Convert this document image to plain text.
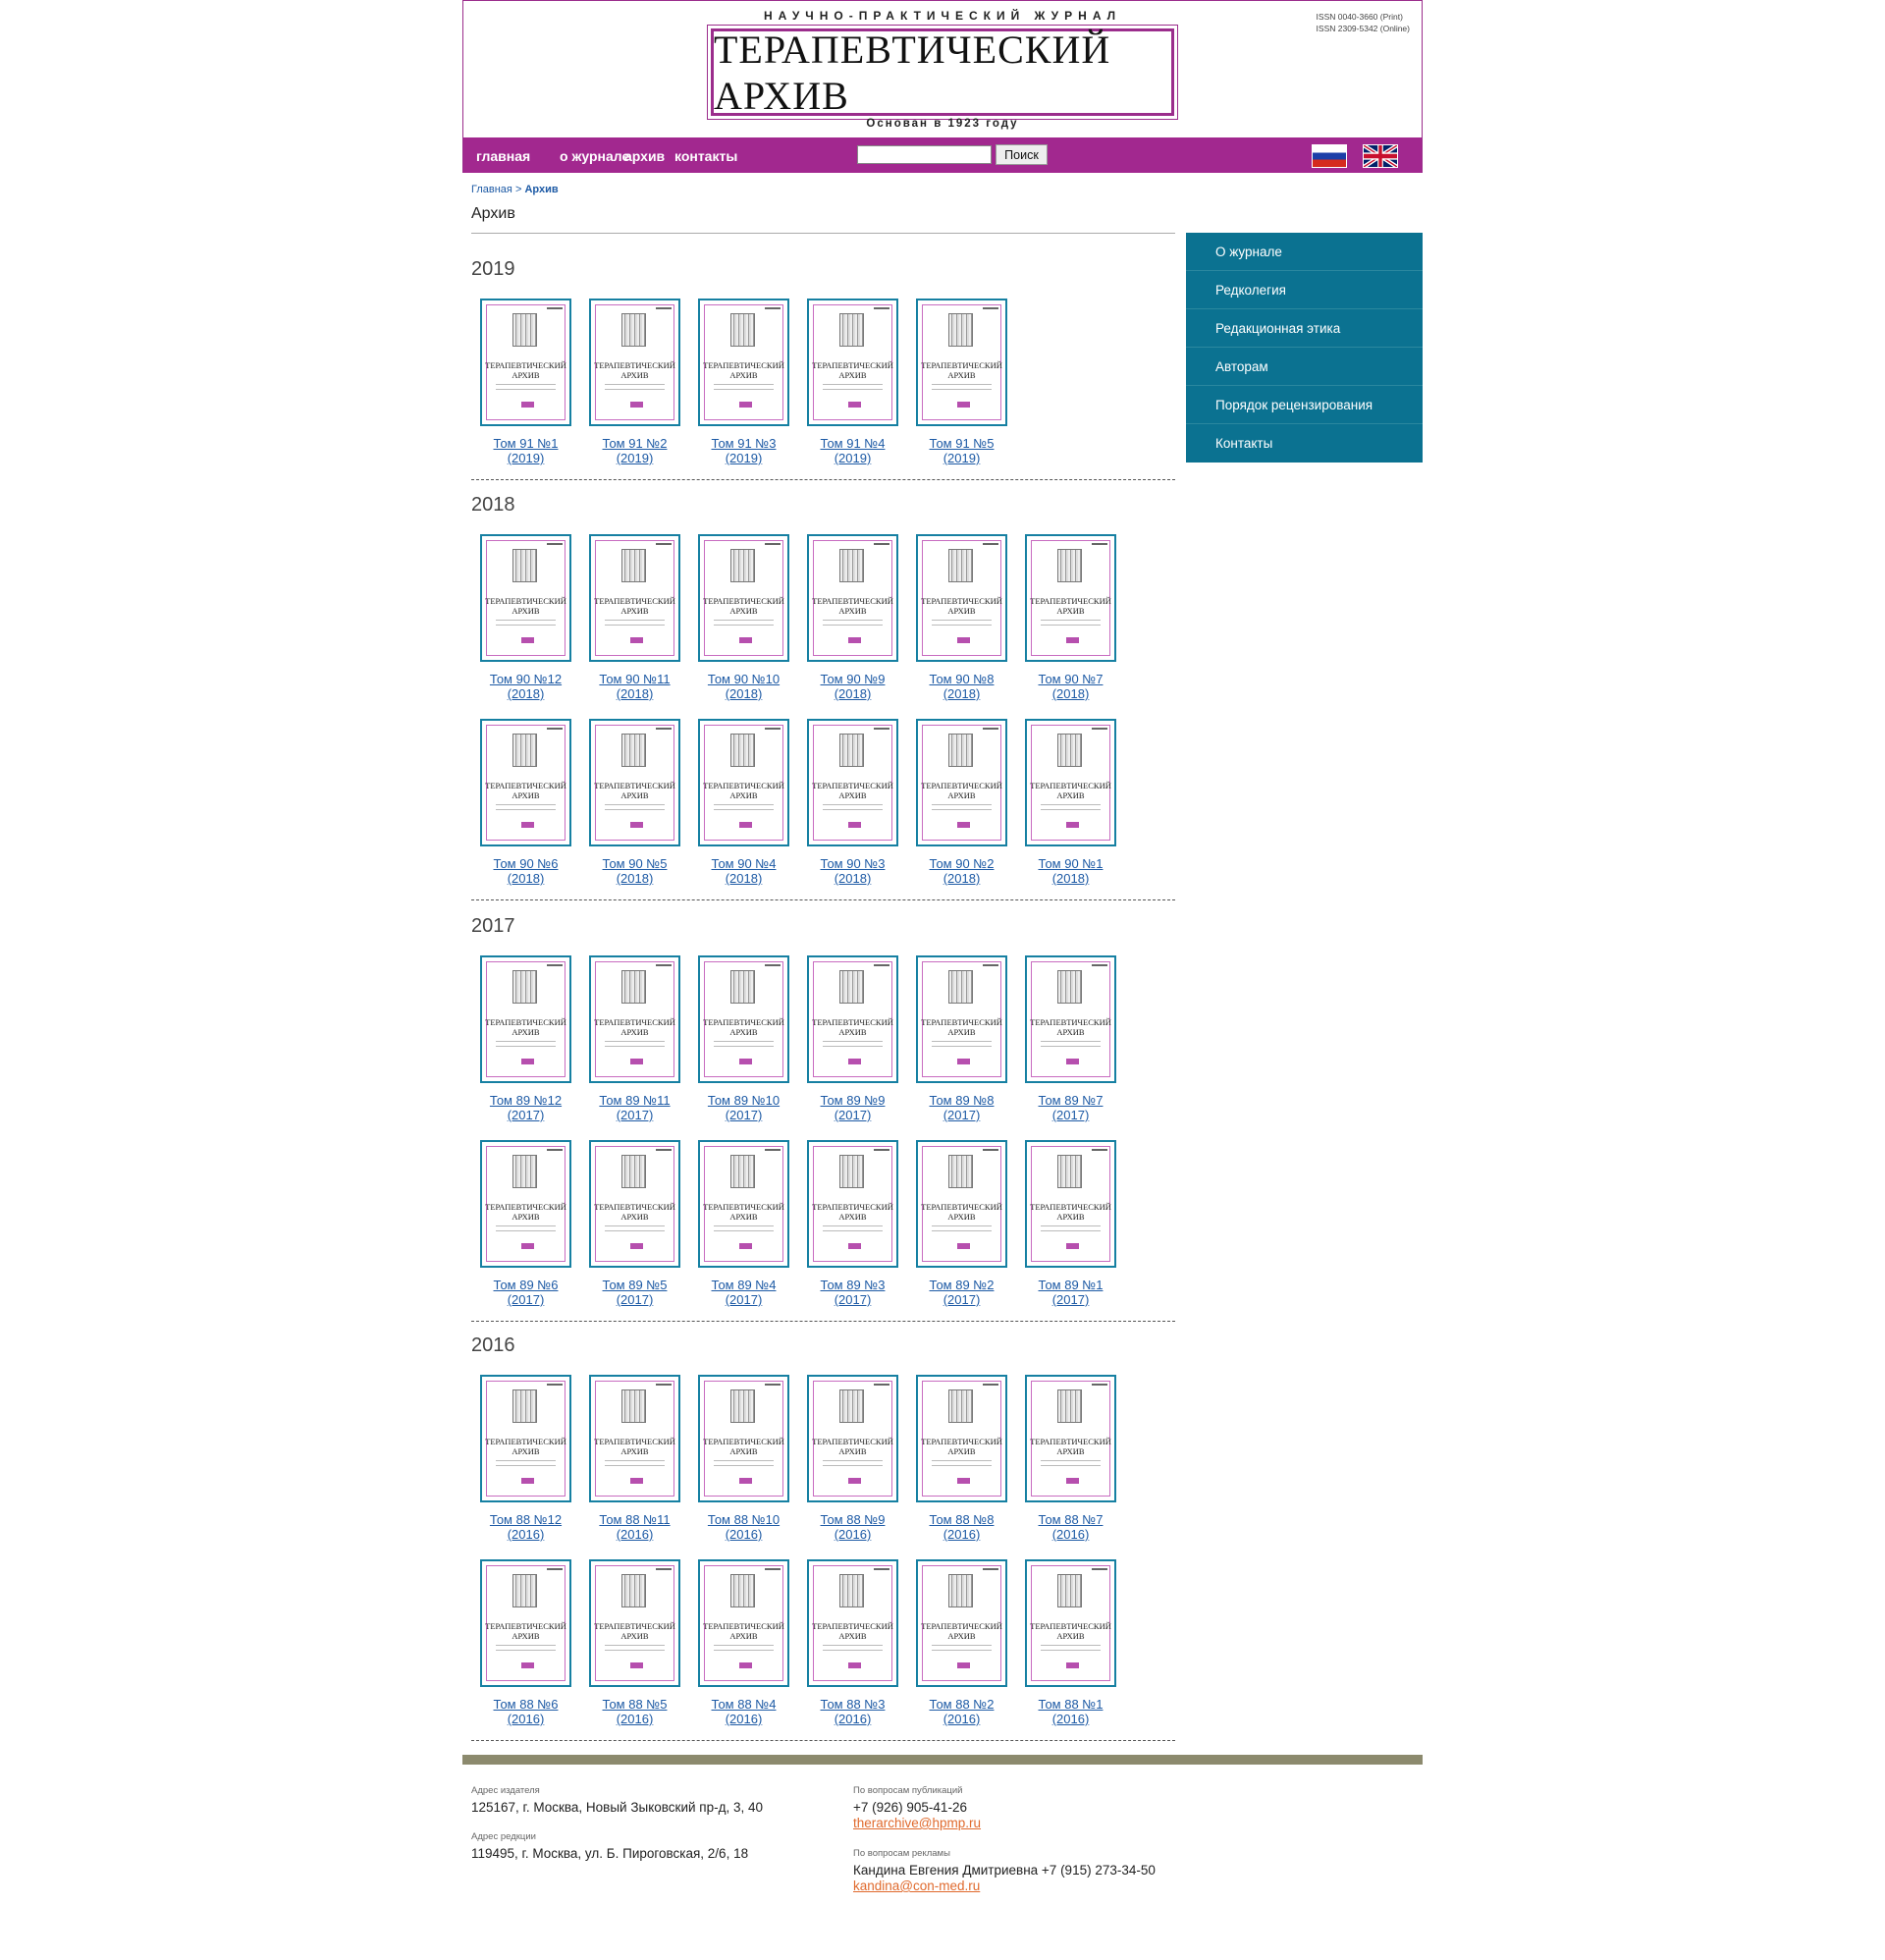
НАУЧНО-ПРАКТИЧЕСКИЙ ЖУРНАЛ	ISSN 0040-3660 (Print)
ISSN 2309-5342 (Online)
ТЕРАПЕВТИЧЕСКИЙ АРХИВ
Основан в 1923 году
главная о журнале
архив контакты	Поиск
Главная > Архив
Архив
О журнале
Редколегия
Редакционная этика
Авторам
Порядок рецензирования
Контакты
2019
ТЕРАПЕВТИЧЕСКИЙ
АРХИВ
Том 91 №1
(2019)
ТЕРАПЕВТИЧЕСКИЙ
АРХИВ
Том 91 №2
(2019)
ТЕРАПЕВТИЧЕСКИЙ
АРХИВ
Том 91 №3
(2019)
ТЕРАПЕВТИЧЕСКИЙ
АРХИВ
Том 91 №4
(2019)
ТЕРАПЕВТИЧЕСКИЙ
АРХИВ
Том 91 №5
(2019)
2018
ТЕРАПЕВТИЧЕСКИЙ
АРХИВ
Том 90 №12
(2018)
ТЕРАПЕВТИЧЕСКИЙ
АРХИВ
Том 90 №11
(2018)
ТЕРАПЕВТИЧЕСКИЙ
АРХИВ
Том 90 №10
(2018)
ТЕРАПЕВТИЧЕСКИЙ
АРХИВ
Том 90 №9
(2018)
ТЕРАПЕВТИЧЕСКИЙ
АРХИВ
Том 90 №8
(2018)
ТЕРАПЕВТИЧЕСКИЙ
АРХИВ
Том 90 №7
(2018)
ТЕРАПЕВТИЧЕСКИЙ
АРХИВ
Том 90 №6
(2018)
ТЕРАПЕВТИЧЕСКИЙ
АРХИВ
Том 90 №5
(2018)
ТЕРАПЕВТИЧЕСКИЙ
АРХИВ
Том 90 №4
(2018)
ТЕРАПЕВТИЧЕСКИЙ
АРХИВ
Том 90 №3
(2018)
ТЕРАПЕВТИЧЕСКИЙ
АРХИВ
Том 90 №2
(2018)
ТЕРАПЕВТИЧЕСКИЙ
АРХИВ
Том 90 №1
(2018)
2017
ТЕРАПЕВТИЧЕСКИЙ
АРХИВ
Том 89 №12
(2017)
ТЕРАПЕВТИЧЕСКИЙ
АРХИВ
Том 89 №11
(2017)
ТЕРАПЕВТИЧЕСКИЙ
АРХИВ
Том 89 №10
(2017)
ТЕРАПЕВТИЧЕСКИЙ
АРХИВ
Том 89 №9
(2017)
ТЕРАПЕВТИЧЕСКИЙ
АРХИВ
Том 89 №8
(2017)
ТЕРАПЕВТИЧЕСКИЙ
АРХИВ
Том 89 №7
(2017)
ТЕРАПЕВТИЧЕСКИЙ
АРХИВ
Том 89 №6
(2017)
ТЕРАПЕВТИЧЕСКИЙ
АРХИВ
Том 89 №5
(2017)
ТЕРАПЕВТИЧЕСКИЙ
АРХИВ
Том 89 №4
(2017)
ТЕРАПЕВТИЧЕСКИЙ
АРХИВ
Том 89 №3
(2017)
ТЕРАПЕВТИЧЕСКИЙ
АРХИВ
Том 89 №2
(2017)
ТЕРАПЕВТИЧЕСКИЙ
АРХИВ
Том 89 №1
(2017)
2016
ТЕРАПЕВТИЧЕСКИЙ
АРХИВ
Том 88 №12
(2016)
ТЕРАПЕВТИЧЕСКИЙ
АРХИВ
Том 88 №11
(2016)
ТЕРАПЕВТИЧЕСКИЙ
АРХИВ
Том 88 №10
(2016)
ТЕРАПЕВТИЧЕСКИЙ
АРХИВ
Том 88 №9
(2016)
ТЕРАПЕВТИЧЕСКИЙ
АРХИВ
Том 88 №8
(2016)
ТЕРАПЕВТИЧЕСКИЙ
АРХИВ
Том 88 №7
(2016)
ТЕРАПЕВТИЧЕСКИЙ
АРХИВ
Том 88 №6
(2016)
ТЕРАПЕВТИЧЕСКИЙ
АРХИВ
Том 88 №5
(2016)
ТЕРАПЕВТИЧЕСКИЙ
АРХИВ
Том 88 №4
(2016)
ТЕРАПЕВТИЧЕСКИЙ
АРХИВ
Том 88 №3
(2016)
ТЕРАПЕВТИЧЕСКИЙ
АРХИВ
Том 88 №2
(2016)
ТЕРАПЕВТИЧЕСКИЙ
АРХИВ
Том 88 №1
(2016)
Адрес издателя
125167, г. Москва, Новый Зыковский пр-д, 3, 40
Адрес редкции
119495, г. Москва, ул. Б. Пироговская, 2/6, 18
По вопросам публикаций
+7 (926) 905-41-26
therarchive@hpmp.ru
По вопросам рекламы
Кандина Евгения Дмитриевна +7 (915) 273-34-50
kandina@con-med.ru
